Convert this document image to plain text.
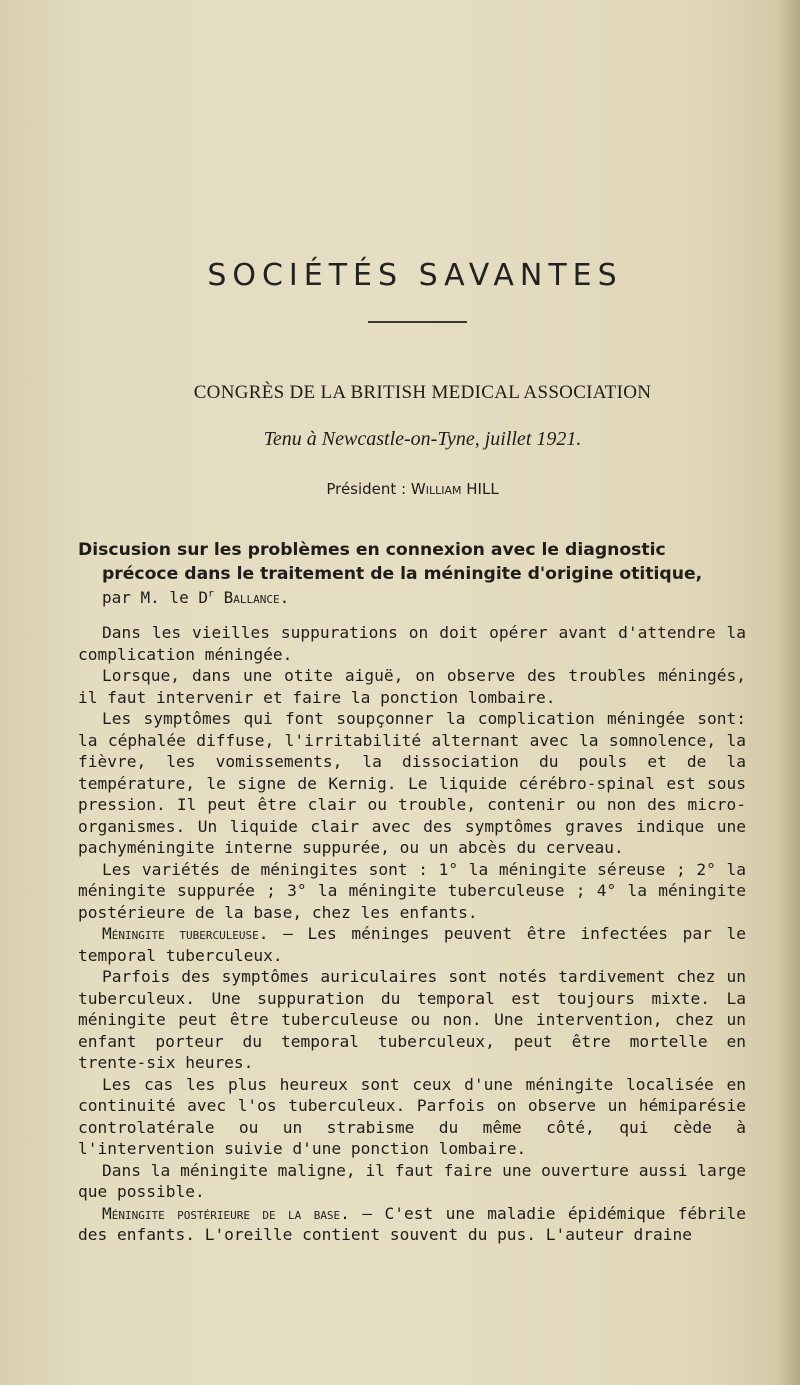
SOCIÉTÉS SAVANTES
CONGRÈS DE LA BRITISH MEDICAL ASSOCIATION
Tenu à Newcastle-on-Tyne, juillet 1921.
Président : William HILL
Discusion sur les problèmes en connexion avec le diagnostic
précoce dans le traitement de la méningite d'origine otitique,
par M. le $D^r$ Ballance.

Dans les vieilles suppurations on doit opérer avant d'attendre la complication méningée.

Lorsque, dans une otite aiguë, on observe des troubles méningés, il faut intervenir et faire la ponction lombaire.

Les symptômes qui font soupçonner la complication méningée sont: la céphalée diffuse, l'irritabilité alternant avec la somnolence, la fièvre, les vomissements, la dissociation du pouls et de la température, le signe de Kernig. Le liquide cérébro-spinal est sous pression. Il peut être clair ou trouble, contenir ou non des micro-organismes. Un liquide clair avec des symptômes graves indique une pachyméningite interne suppurée, ou un abcès du cerveau.

Les variétés de méningites sont : 1° la méningite séreuse ; 2° la méningite suppurée ; 3° la méningite tuberculeuse ; 4° la méningite postérieure de la base, chez les enfants.

Méningite tuberculeuse. — Les méninges peuvent être infectées par le temporal tuberculeux.

Parfois des symptômes auriculaires sont notés tardivement chez un tuberculeux. Une suppuration du temporal est toujours mixte. La méningite peut être tuberculeuse ou non. Une intervention, chez un enfant porteur du temporal tuberculeux, peut être mortelle en trente-six heures.

Les cas les plus heureux sont ceux d'une méningite localisée en continuité avec l'os tuberculeux. Parfois on observe un hémiparésie controlatérale ou un strabisme du même côté, qui cède à l'intervention suivie d'une ponction lombaire.

Dans la méningite maligne, il faut faire une ouverture aussi large que possible.

Méningite postérieure de la base. — C'est une maladie épidémique fébrile des enfants. L'oreille contient souvent du pus. L'auteur draine
